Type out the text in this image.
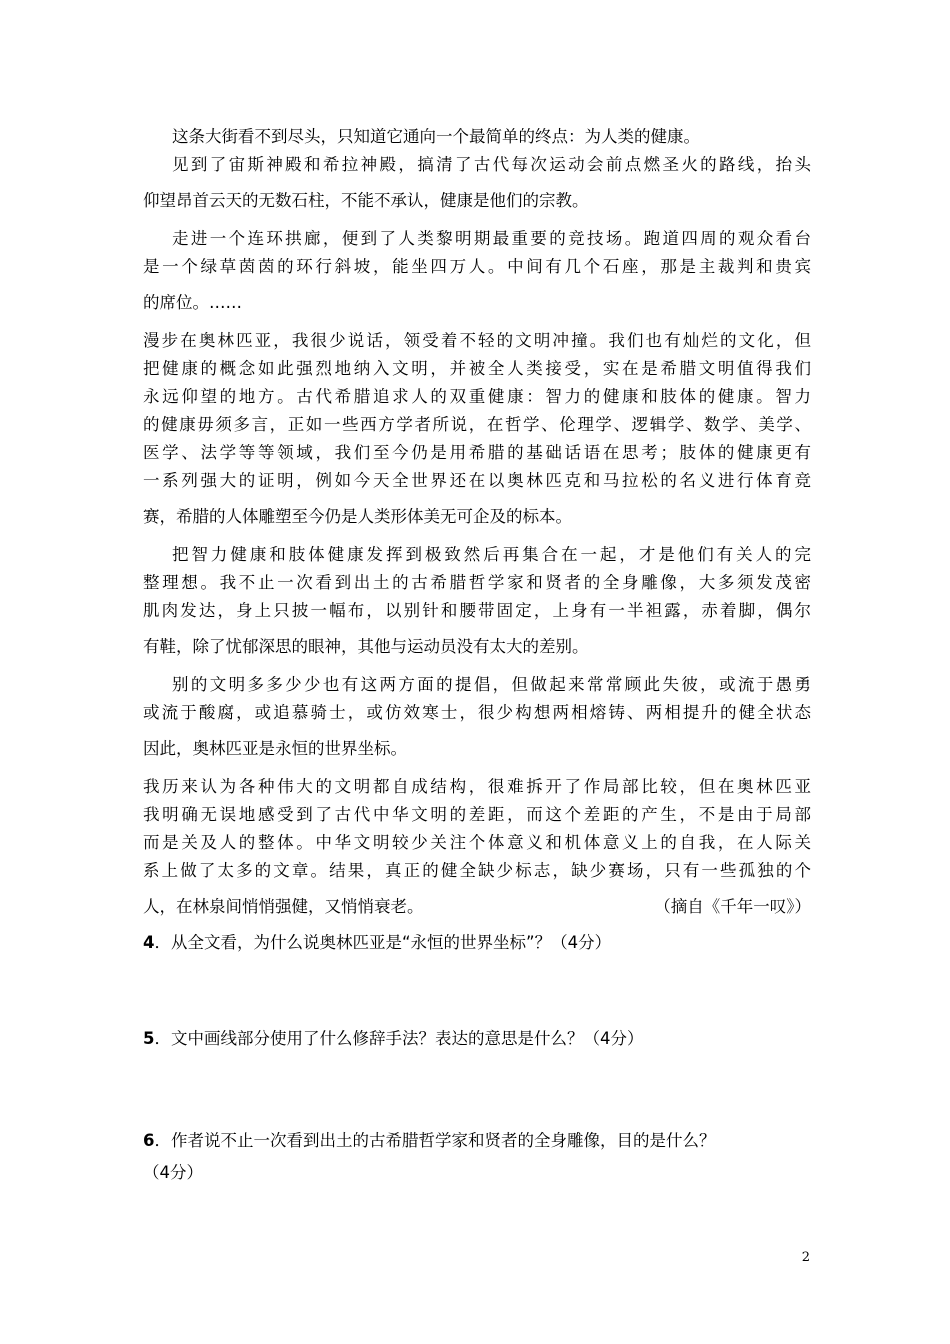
这条大街看不到尽头，只知道它通向一个最简单的终点：为人类的健康。
见到了宙斯神殿和希拉神殿，搞清了古代每次运动会前点燃圣火的路线，抬头
仰望昂首云天的无数石柱，不能不承认，健康是他们的宗教。
走进一个连环拱廊，便到了人类黎明期最重要的竞技场。跑道四周的观众看台
是一个绿草茵茵的环行斜坡，能坐四万人。中间有几个石座，那是主裁判和贵宾
的席位。……
漫步在奥林匹亚，我很少说话，领受着不轻的文明冲撞。我们也有灿烂的文化，但
把健康的概念如此强烈地纳入文明，并被全人类接受，实在是希腊文明值得我们
永远仰望的地方。古代希腊追求人的双重健康：智力的健康和肢体的健康。智力
的健康毋须多言，正如一些西方学者所说，在哲学、伦理学、逻辑学、数学、美学、
医学、法学等等领域，我们至今仍是用希腊的基础话语在思考；肢体的健康更有
一系列强大的证明，例如今天全世界还在以奥林匹克和马拉松的名义进行体育竞
赛，希腊的人体雕塑至今仍是人类形体美无可企及的标本。
把智力健康和肢体健康发挥到极致然后再集合在一起，才是他们有关人的完
整理想。我不止一次看到出土的古希腊哲学家和贤者的全身雕像，大多须发茂密
肌肉发达，身上只披一幅布，以别针和腰带固定，上身有一半袒露，赤着脚，偶尔
有鞋，除了忧郁深思的眼神，其他与运动员没有太大的差别。
别的文明多多少少也有这两方面的提倡，但做起来常常顾此失彼，或流于愚勇
或流于酸腐，或追慕骑士，或仿效寒士，很少构想两相熔铸、两相提升的健全状态
因此，奥林匹亚是永恒的世界坐标。
我历来认为各种伟大的文明都自成结构，很难拆开了作局部比较，但在奥林匹亚
我明确无误地感受到了古代中华文明的差距，而这个差距的产生，不是由于局部
而是关及人的整体。中华文明较少关注个体意义和机体意义上的自我，在人际关
系上做了太多的文章。结果，真正的健全缺少标志，缺少赛场，只有一些孤独的个
人，在林泉间悄悄强健，又悄悄衰老。	（摘自《千年一叹》）
4．从全文看，为什么说奥林匹亚是“永恒的世界坐标”？（4分）
5．文中画线部分使用了什么修辞手法？表达的意思是什么？（4分）
6．作者说不止一次看到出土的古希腊哲学家和贤者的全身雕像，目的是什么？
（4分）
2
